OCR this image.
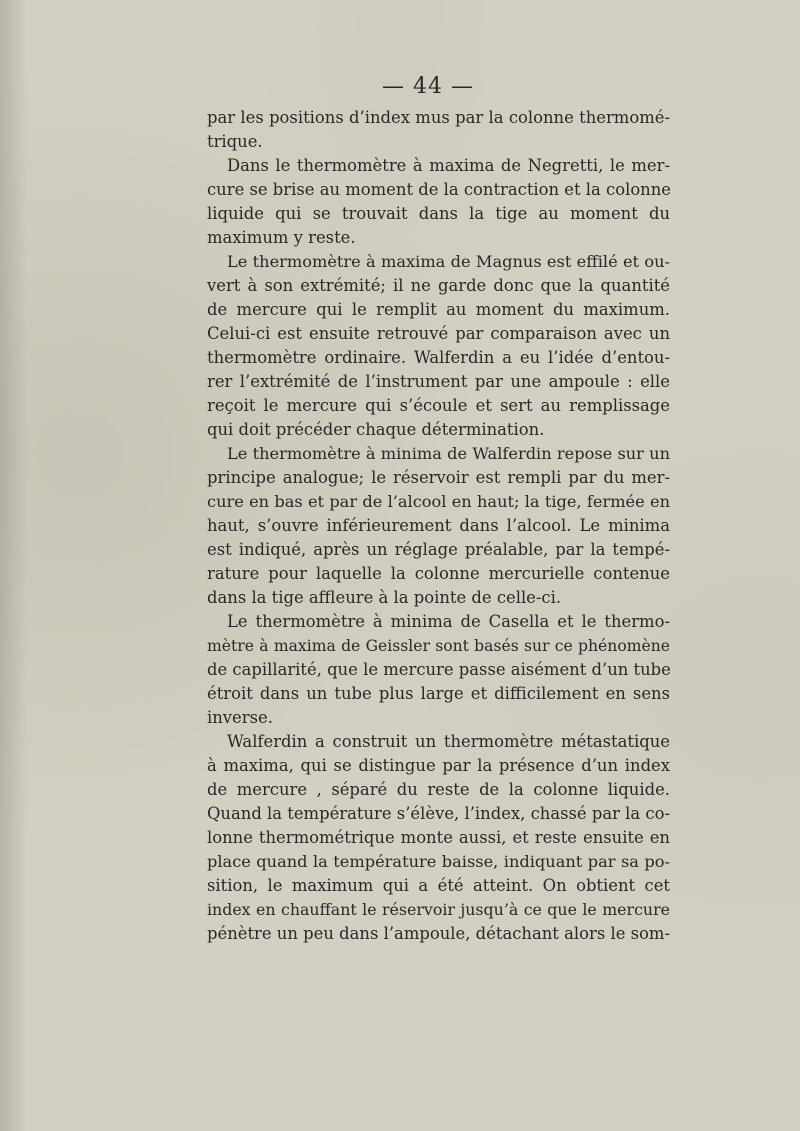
— 44 —
par les positions d’index mus par la colonne thermomé-
trique.
Dans le thermomètre à maxima de Negretti, le mer-
cure se brise au moment de la contraction et la colonne
liquide qui se trouvait dans la tige au moment du
maximum y reste.
Le thermomètre à maxima de Magnus est effilé et ou-
vert à son extrémité; il ne garde donc que la quantité
de mercure qui le remplit au moment du maximum.
Celui-ci est ensuite retrouvé par comparaison avec un
thermomètre ordinaire. Walferdin a eu l’idée d’entou-
rer l’extrémité de l’instrument par une ampoule : elle
reçoit le mercure qui s’écoule et sert au remplissage
qui doit précéder chaque détermination.
Le thermomètre à minima de Walferdin repose sur un
principe analogue; le réservoir est rempli par du mer-
cure en bas et par de l’alcool en haut; la tige, fermée en
haut, s’ouvre inférieurement dans l’alcool. Le minima
est indiqué, après un réglage préalable, par la tempé-
rature pour laquelle la colonne mercurielle contenue
dans la tige affleure à la pointe de celle-ci.
Le thermomètre à minima de Casella et le thermo-
mètre à maxima de Geissler sont basés sur ce phénomène
de capillarité, que le mercure passe aisément d’un tube
étroit dans un tube plus large et difficilement en sens
inverse.
Walferdin a construit un thermomètre métastatique
à maxima, qui se distingue par la présence d’un index
de mercure , séparé du reste de la colonne liquide.
Quand la température s’élève, l’index, chassé par la co-
lonne thermométrique monte aussi, et reste ensuite en
place quand la température baisse, indiquant par sa po-
sition, le maximum qui a été atteint. On obtient cet
index en chauffant le réservoir jusqu’à ce que le mercure
pénètre un peu dans l’ampoule, détachant alors le som-
